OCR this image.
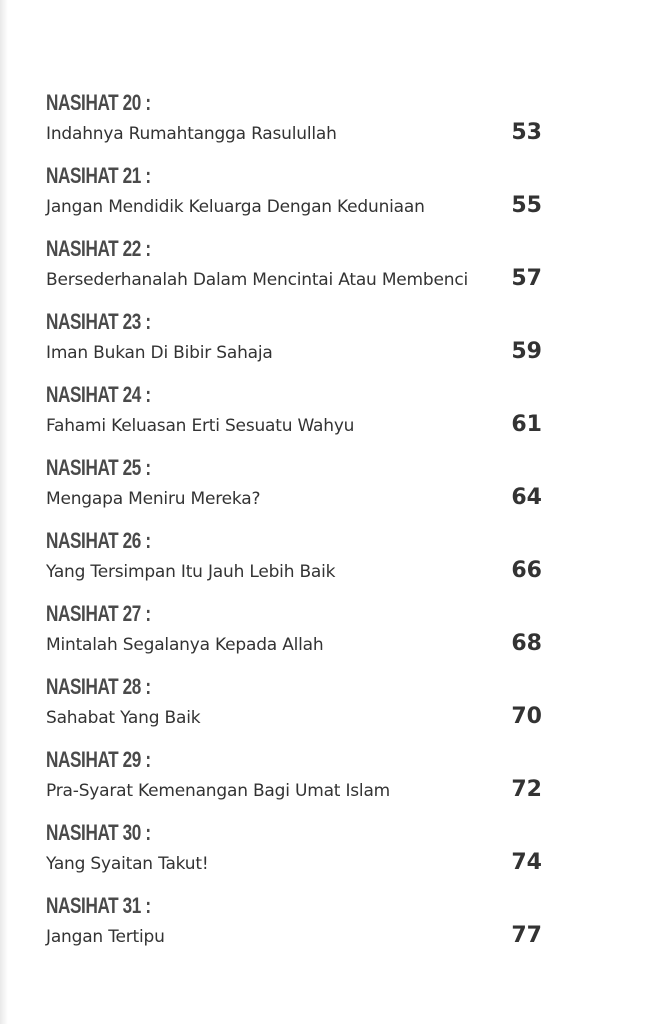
NASIHAT 20 :
Indahnya Rumahtangga Rasulullah	53
NASIHAT 21 :
Jangan Mendidik Keluarga Dengan Keduniaan	55
NASIHAT 22 :
Bersederhanalah Dalam Mencintai Atau Membenci 57
NASIHAT 23 :
Iman Bukan Di Bibir Sahaja	59
NASIHAT 24 :
Fahami Keluasan Erti Sesuatu Wahyu	61
NASIHAT 25 :
Mengapa Meniru Mereka?	64
NASIHAT 26 :
Yang Tersimpan Itu Jauh Lebih Baik	66
NASIHAT 27 :
Mintalah Segalanya Kepada Allah	68
NASIHAT 28 :
Sahabat Yang Baik	70
NASIHAT 29 :
Pra-Syarat Kemenangan Bagi Umat Islam	72
NASIHAT 30 :
Yang Syaitan Takut!	74
NASIHAT 31 :
Jangan Tertipu	77
